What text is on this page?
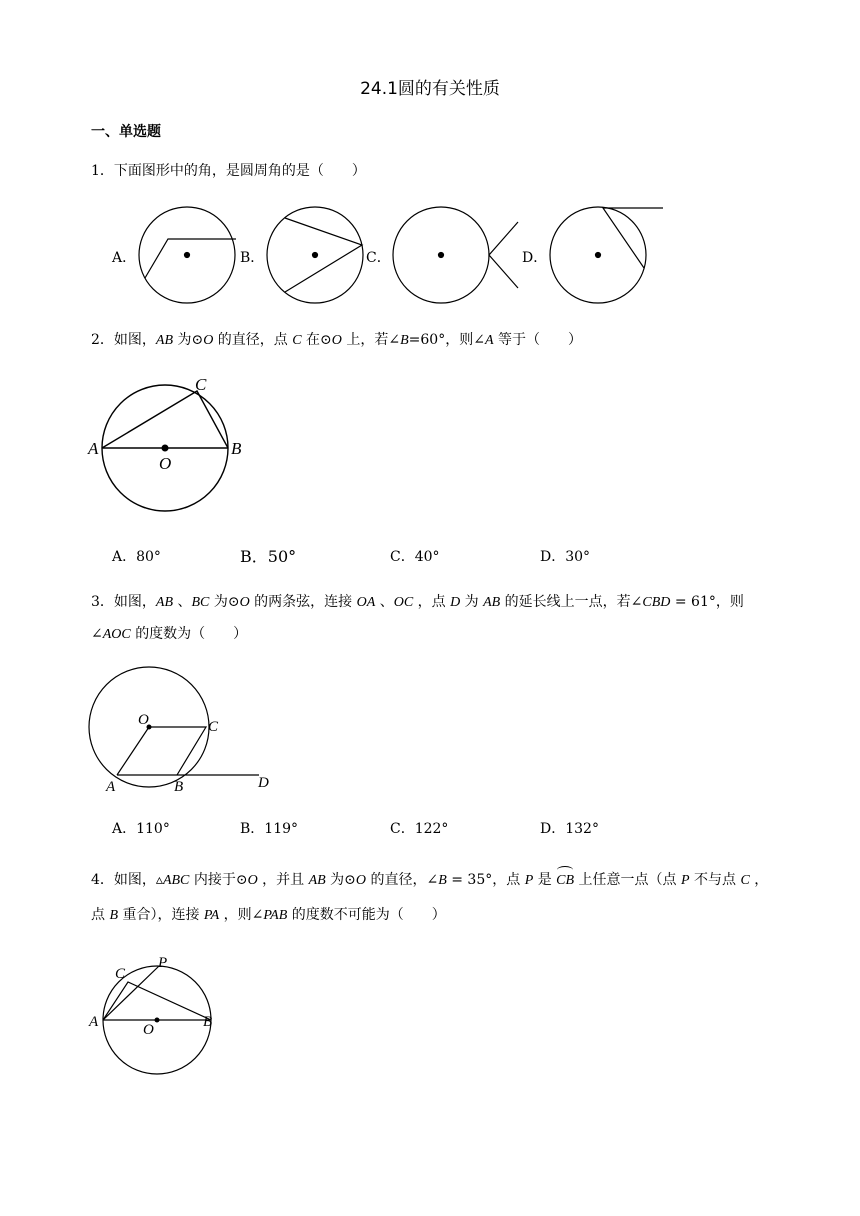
24.1圆的有关性质
一、单选题
1．下面图形中的角，是圆周角的是（　　）
A．	B．	C．	D．
2．如图，AB 为⊙O 的直径，点 C 在⊙O 上，若∠B=60°，则∠A 等于（　　）
A	B
C
O
A．80°	B．50°	C．40°	D．30°
3．如图，AB 、BC 为⊙O 的两条弦，连接 OA 、OC ，点 D 为 AB 的延长线上一点，若∠CBD = 61°，则
∠AOC 的度数为（　　）
A	B
C
D
O
A．110°	B．119°	C．122°	D．132°
4．如图，▵ABC 内接于⊙O ，并且 AB 为⊙O 的直径，∠B = 35°，点 P 是 CB 上任意一点（点 P 不与点 C ，
点 B 重合），连接 PA ，则∠PAB 的度数不可能为（　　）
A	B
C
P
O
